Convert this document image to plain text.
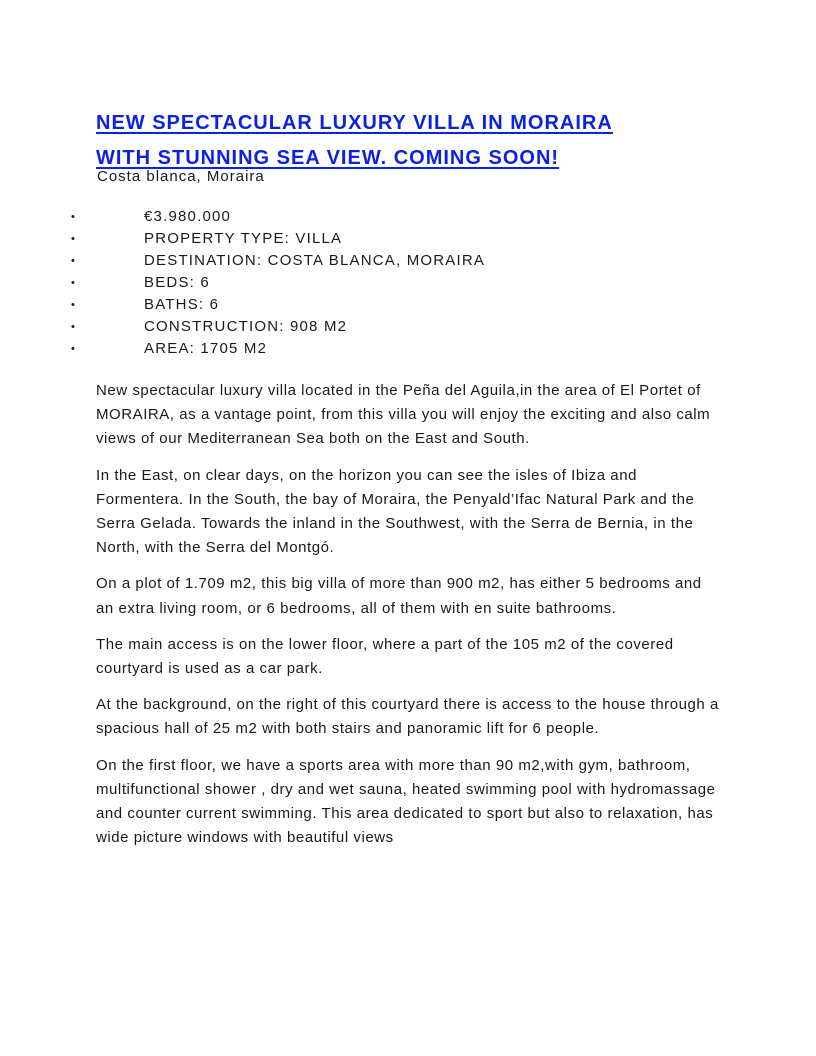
NEW SPECTACULAR LUXURY VILLA IN MORAIRA
WITH STUNNING SEA VIEW. COMING SOON!

Costa blanca, Moraira

•	€3.980.000
•	PROPERTY TYPE: VILLA
•	DESTINATION: COSTA BLANCA, MORAIRA
•	BEDS: 6
•	BATHS: 6
•	CONSTRUCTION: 908 M2
•	AREA: 1705 M2

New spectacular luxury villa located in the Peña del Aguila,in the area of El Portet of MORAIRA, as a vantage point, from this villa you will enjoy the exciting and also calm views of our Mediterranean Sea both on the East and South.

In the East, on clear days, on the horizon you can see the isles of Ibiza and Formentera. In the South, the bay of Moraira, the Penyald’Ifac Natural Park and the Serra Gelada. Towards the inland in the Southwest, with the Serra de Bernia, in the North, with the Serra del Montgó.

On a plot of 1.709 m2, this big villa of more than 900 m2, has either 5 bedrooms and an extra living room, or 6 bedrooms, all of them with en suite bathrooms.

The main access is on the lower floor, where a part of the 105 m2 of the covered courtyard is used as a car park.

At the background, on the right of this courtyard there is access to the house through a spacious hall of 25 m2 with both stairs and panoramic lift for 6 people.

On the first floor, we have a sports area with more than 90 m2,with gym, bathroom, multifunctional shower , dry and wet sauna, heated swimming pool with hydromassage and counter current swimming. This area dedicated to sport but also to relaxation, has wide picture windows with beautiful views
